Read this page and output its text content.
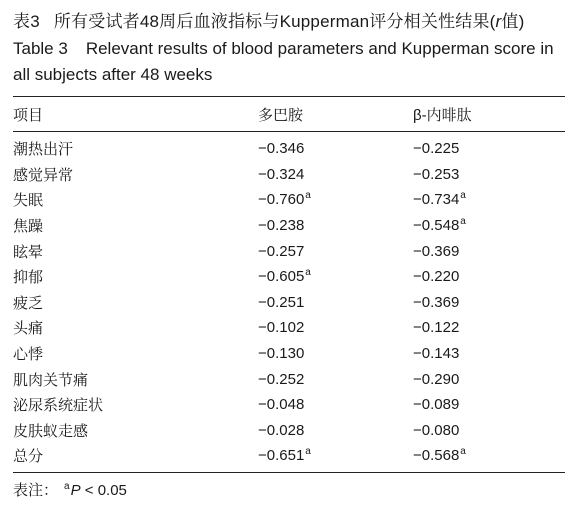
表3 所有受试者48周后血液指标与Kupperman评分相关性结果(r值)
Table 3 Relevant results of blood parameters and Kupperman score in all subjects after 48 weeks
项目	多巴胺	β-内啡肽
潮热出汗	−0.346	−0.225
感觉异常	−0.324	−0.253
失眠	−0.760$^a$	−0.734$^a$
焦躁	−0.238	−0.548$^a$
眩晕	−0.257	−0.369
抑郁	−0.605$^a$	−0.220
疲乏	−0.251	−0.369
头痛	−0.102	−0.122
心悸	−0.130	−0.143
肌肉关节痛	−0.252	−0.290
泌尿系统症状	−0.048	−0.089
皮肤蚁走感	−0.028	−0.080
总分	−0.651$^a$	−0.568$^a$
表注： $^a$P < 0.05
